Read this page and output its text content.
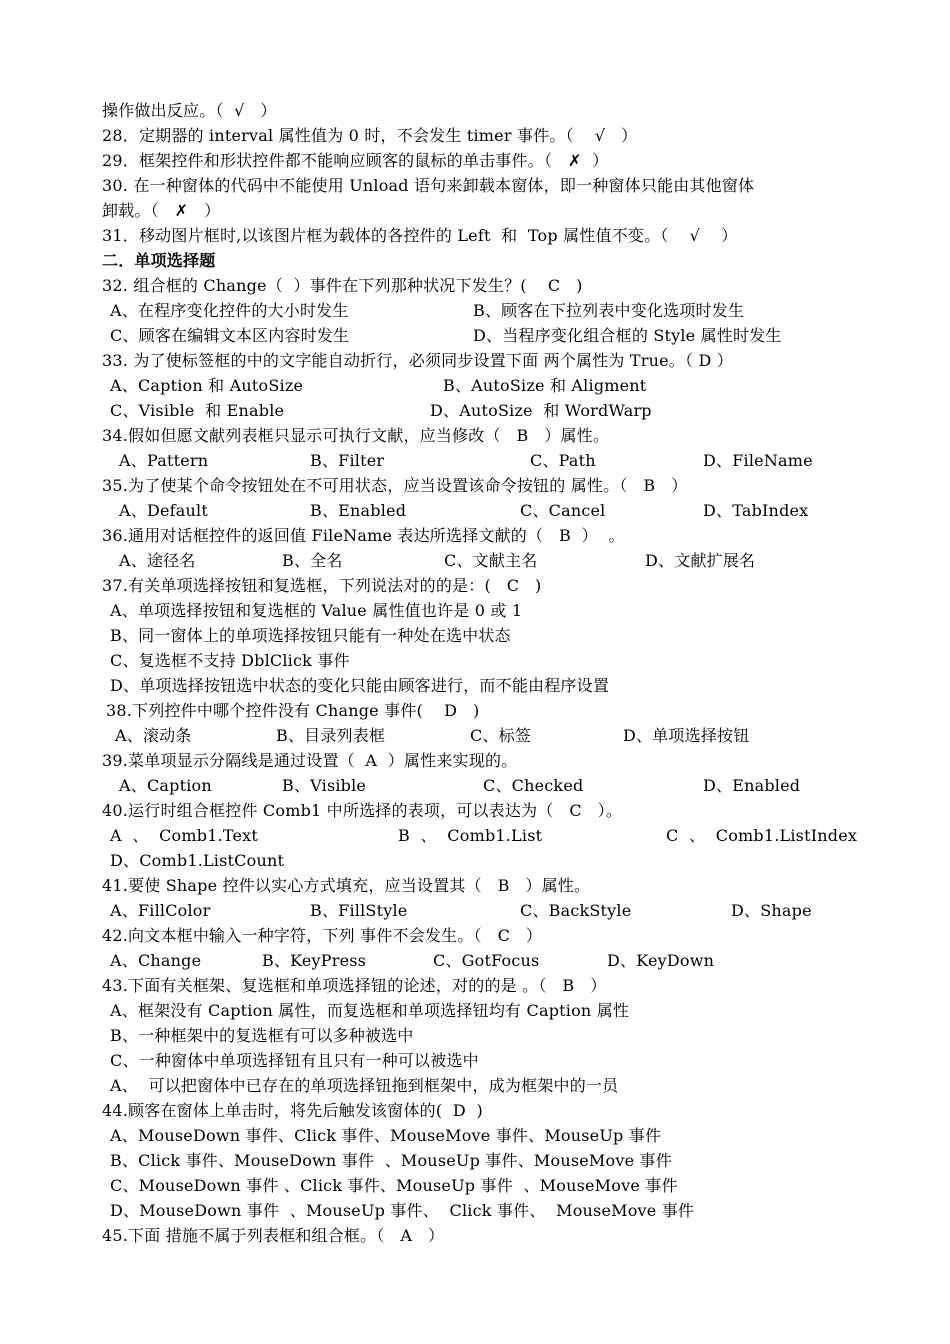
操作做出反应。（  √   ）
28．定期器的 interval 属性值为 0 时，不会发生 timer 事件。（    √   ）
29．框架控件和形状控件都不能响应顾客的鼠标的单击事件。（   ✗  ）
30. 在一种窗体的代码中不能使用 Unload 语句来卸载本窗体，即一种窗体只能由其他窗体
卸载。（   ✗   ）
31．移动图片框时,以该图片框为载体的各控件的 Left  和  Top 属性值不变。（    √    ）
二．单项选择题
32. 组合框的 Change（  ）事件在下列那种状况下发生？(    C   )
A、在程序变化控件的大小时发生	B、顾客在下拉列表中变化选项时发生
C、顾客在编辑文本区内容时发生	D、当程序变化组合框的 Style 属性时发生
33. 为了使标签框的中的文字能自动折行，必须同步设置下面 两个属性为 True。（ D ）
A、Caption 和 AutoSize	B、AutoSize 和 Aligment
C、Visible  和 Enable	D、AutoSize  和 WordWarp
34.假如但愿文献列表框只显示可执行文献，应当修改（   B   ）属性。
A、Pattern	B、Filter	C、Path	D、FileName
35.为了使某个命令按钮处在不可用状态，应当设置该命令按钮的 属性。（   B   ）
A、Default	B、Enabled	C、Cancel	D、TabIndex
36.通用对话框控件的返回值 FileName 表达所选择文献的（   B  ）  。
A、途径名	B、全名	C、文献主名	D、文献扩展名
37.有关单项选择按钮和复选框，下列说法对的的是：(   C   )
A、单项选择按钮和复选框的 Value 属性值也许是 0 或 1
B、同一窗体上的单项选择按钮只能有一种处在选中状态
C、复选框不支持 DblClick 事件
D、单项选择按钮选中状态的变化只能由顾客进行，而不能由程序设置
38.下列控件中哪个控件没有 Change 事件(    D   )
A、滚动条	B、目录列表框	C、标签	D、单项选择按钮
39.菜单项显示分隔线是通过设置（  A  ）属性来实现的。
A、Caption	B、Visible	C、Checked	D、Enabled
40.运行时组合框控件 Comb1 中所选择的表项，可以表达为（   C   ）。
A  、  Comb1.Text	B  、  Comb1.List	C  、  Comb1.ListIndex
D、Comb1.ListCount
41.要使 Shape 控件以实心方式填充，应当设置其（   B   ）属性。
A、FillColor	B、FillStyle	C、BackStyle	D、Shape
42.向文本框中输入一种字符，下列 事件不会发生。（   C   ）
A、Change	B、KeyPress	C、GotFocus	D、KeyDown
43.下面有关框架、复选框和单项选择钮的论述，对的的是 。（   B   ）
A、框架没有 Caption 属性，而复选框和单项选择钮均有 Caption 属性
B、一种框架中的复选框有可以多种被选中
C、一种窗体中单项选择钮有且只有一种可以被选中
A、  可以把窗体中已存在的单项选择钮拖到框架中，成为框架中的一员
44.顾客在窗体上单击时，将先后触发该窗体的(  D  )
A、MouseDown 事件、Click 事件、MouseMove 事件、MouseUp 事件
B、Click 事件、MouseDown 事件  、MouseUp 事件、MouseMove 事件
C、MouseDown 事件 、Click 事件、MouseUp 事件  、MouseMove 事件
D、MouseDown 事件  、MouseUp 事件、  Click 事件、  MouseMove 事件
45.下面 措施不属于列表框和组合框。（   A   ）
